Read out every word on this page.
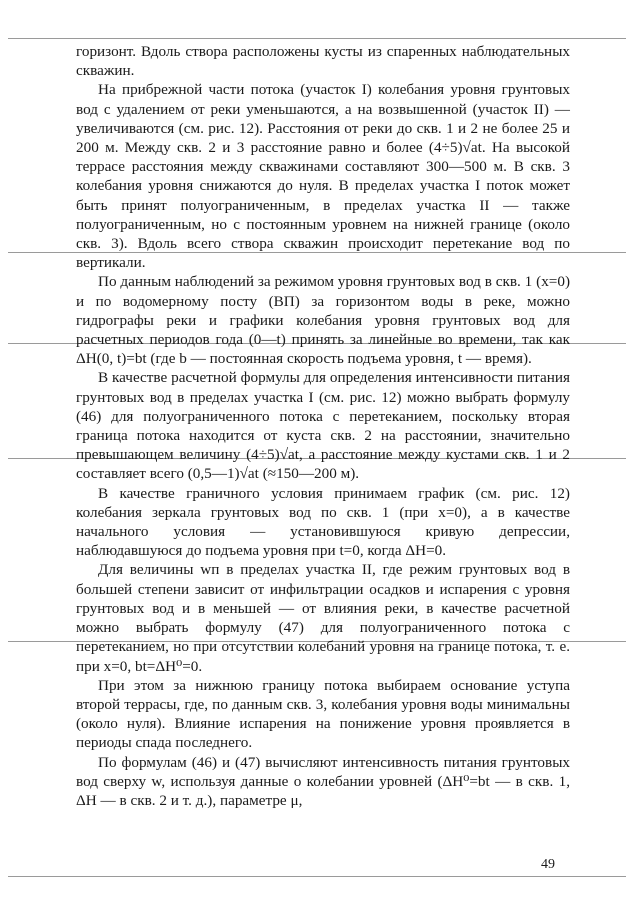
горизонт. Вдоль створа расположены кусты из спаренных наблюдательных скважин.

На прибрежной части потока (участок I) колебания уровня грунтовых вод с удалением от реки уменьшаются, а на возвышенной (участок II) — увеличиваются (см. рис. 12). Расстояния от реки до скв. 1 и 2 не более 25 и 200 м. Между скв. 2 и 3 расстояние равно и более (4÷5)√at. На высокой террасе расстояния между скважинами составляют 300—500 м. В скв. 3 колебания уровня снижаются до нуля. В пределах участка I поток может быть принят полуограниченным, в пределах участка II — также полуограниченным, но с постоянным уровнем на нижней границе (около скв. 3). Вдоль всего створа скважин происходит перетекание вод по вертикали.

По данным наблюдений за режимом уровня грунтовых вод в скв. 1 (x=0) и по водомерному посту (ВП) за горизонтом воды в реке, можно гидрографы реки и графики колебания уровня грунтовых вод для расчетных периодов года (0—t) принять за линейные во времени, так как ΔH(0, t)=bt (где b — постоянная скорость подъема уровня, t — время).

В качестве расчетной формулы для определения интенсивности питания грунтовых вод в пределах участка I (см. рис. 12) можно выбрать формулу (46) для полуограниченного потока с перетеканием, поскольку вторая граница потока находится от куста скв. 2 на расстоянии, значительно превышающем величину (4÷5)√at, а расстояние между кустами скв. 1 и 2 составляет всего (0,5—1)√at (≈150—200 м).

В качестве граничного условия принимаем график (см. рис. 12) колебания зеркала грунтовых вод по скв. 1 (при x=0), а в качестве начального условия — установившуюся кривую депрессии, наблюдавшуюся до подъема уровня при t=0, когда ΔH=0.

Для величины wп в пределах участка II, где режим грунтовых вод в большей степени зависит от инфильтрации осадков и испарения с уровня грунтовых вод и в меньшей — от влияния реки, в качестве расчетной можно выбрать формулу (47) для полуограниченного потока с перетеканием, но при отсутствии колебаний уровня на границе потока, т. е. при x=0, bt=ΔH⁰=0.

При этом за нижнюю границу потока выбираем основание уступа второй террасы, где, по данным скв. 3, колебания уровня воды минимальны (около нуля). Влияние испарения на понижение уровня проявляется в периоды спада последнего.

По формулам (46) и (47) вычисляют интенсивность питания грунтовых вод сверху w, используя данные о колебании уровней (ΔH⁰=bt — в скв. 1, ΔH — в скв. 2 и т. д.), параметре μ,

49
